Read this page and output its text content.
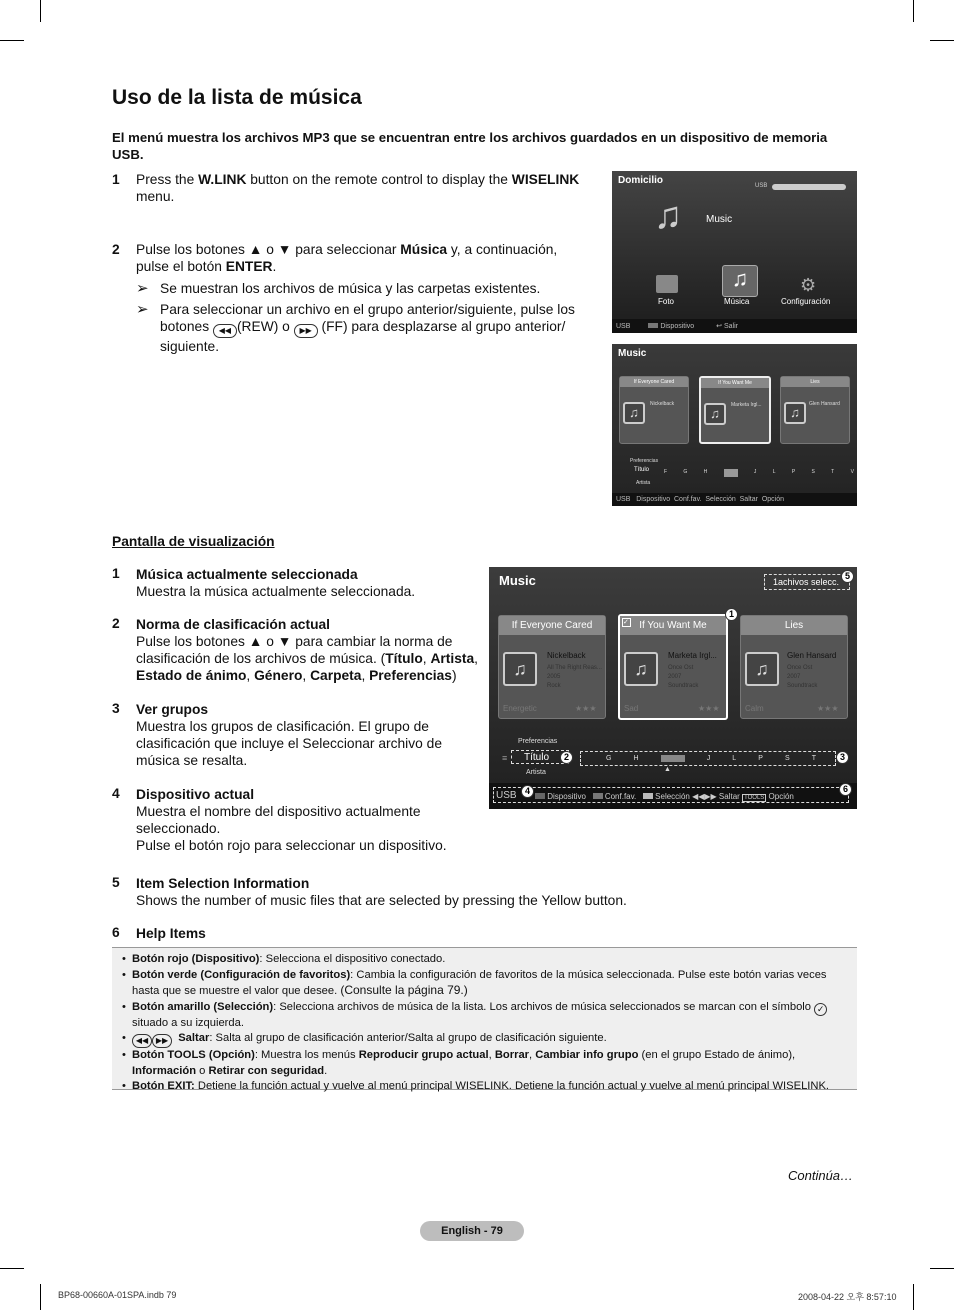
Uso de la lista de música
El menú muestra los archivos MP3 que se encuentran entre los archivos guardados en un dispositivo de memoria USB.
1 Press the W.LINK button on the remote control to display the WISELINK menu.
2 Pulse los botones ▲ o ▼ para seleccionar Música y, a continuación, pulse el botón ENTER.
➢ Se muestran los archivos de música y las carpetas existentes.
➢ Para seleccionar un archivo en el grupo anterior/siguiente, pulse los botones ◀◀ (REW) o ▶▶ (FF) para desplazarse al grupo anterior/ siguiente.
Domicilio	USB
♫	Music
♫	⚙
Foto	Música	Configuración
USB	Dispositivo	↩ Salir
Music
If Everyone Cared
♫
Nickelback
If You Want Me
♫
Marketa Irgl...
Lies
♫
Glen Hansard
Preferencias
Título
Artista
F	G	H	J	L	P	S	T	V
USB Dispositivo Conf.fav. Selección Saltar Opción
Pantalla de visualización
1 Música actualmente seleccionada
Muestra la música actualmente seleccionada.
2 Norma de clasificación actual
Pulse los botones ▲ o ▼ para cambiar la norma de clasificación de los archivos de música. (Título, Artista, Estado de ánimo, Género, Carpeta, Preferencias)
3 Ver grupos
Muestra los grupos de clasificación. El grupo de clasificación que incluye el Seleccionar archivo de música se resalta.
4 Dispositivo actual
Muestra el nombre del dispositivo actualmente seleccionado.
Pulse el botón rojo para seleccionar un dispositivo.
5 Item Selection Information
Shows the number of music files that are selected by pressing the Yellow button.
6 Help Items
Music	1achivos selecc.
5
If Everyone Cared
♫
Nickelback
All The Right Reas...
2005
Rock
Energetic	★★★
If You Want Me
✓
♫
Marketa Irgl...
Once Ost
2007
Soundtrack
Sad	★★★
1
Lies
♫
Glen Hansard
Once Ost
2007
Soundtrack
Calm	★★★
Preferencias
≡ Título	2
Artista
G	H	I	J	L	P	S	T
▲
3
USB 4
Dispositivo Conf.fav. Selección ◀◀▶▶ Saltar TOOLS Opción
6
• Botón rojo (Dispositivo): Selecciona el dispositivo conectado.
• Botón verde (Configuración de favoritos): Cambia la configuración de favoritos de la música seleccionada. Pulse este botón varias veces hasta que se muestre el valor que desee. (Consulte la página 79.)
• Botón amarillo (Selección): Selecciona archivos de música de la lista. Los archivos de música seleccionados se marcan con el símbolo ✓ situado a su izquierda.
• ◀◀ ▶▶ Saltar: Salta al grupo de clasificación anterior/Salta al grupo de clasificación siguiente.
• Botón TOOLS (Opción): Muestra los menús Reproducir grupo actual, Borrar, Cambiar info grupo (en el grupo Estado de ánimo), Información o Retirar con seguridad.
• Botón EXIT: Detiene la función actual y vuelve al menú principal WISELINK. Detiene la función actual y vuelve al menú principal WISELINK.
Continúa…
English - 79
BP68-00660A-01SPA.indb 79	2008-04-22 오후 8:57:10
